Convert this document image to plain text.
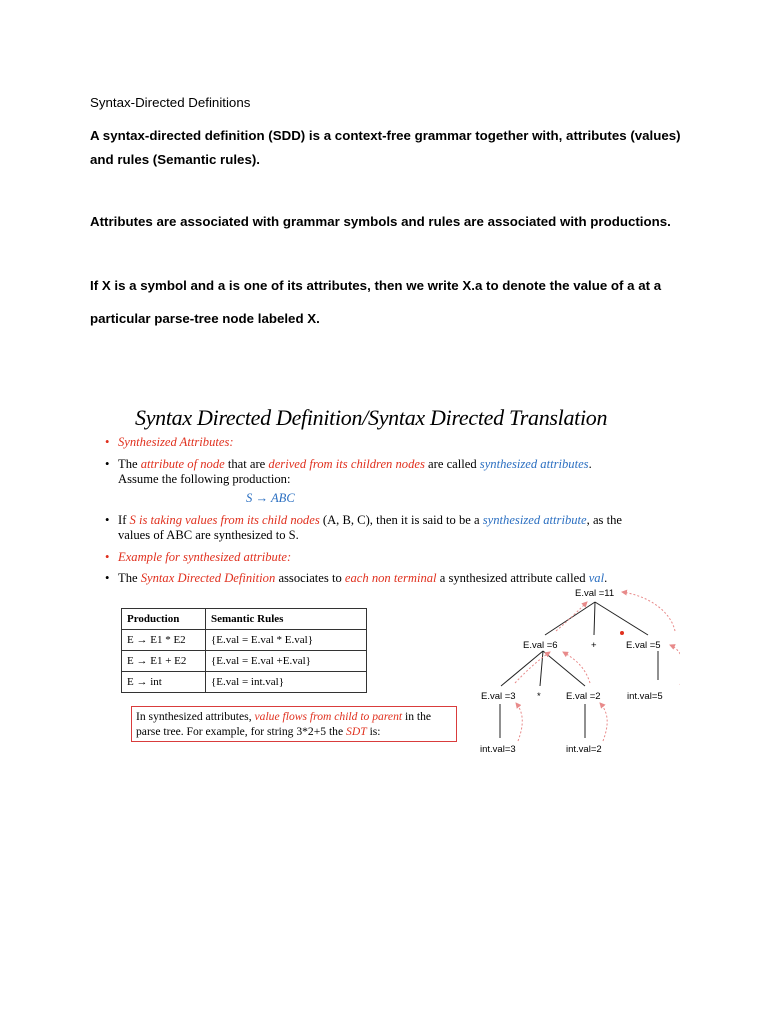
Syntax-Directed Definitions

A syntax-directed definition (SDD) is a context-free grammar together with, attributes (values)

and rules (Semantic rules).

Attributes are associated with grammar symbols and rules are associated with productions.

If X is a symbol and a is one of its attributes, then we write X.a to denote the value of a at a

particular parse-tree node labeled X.

Syntax Directed Definition/Syntax Directed Translation

• Synthesized Attributes:

• The attribute of node that are derived from its children nodes are called synthesized attributes.
Assume the following production:

S → ABC

• If S is taking values from its child nodes (A, B, C), then it is said to be a synthesized attribute, as the
values of ABC are synthesized to S.

• Example for synthesized attribute:

• The Syntax Directed Definition associates to each non terminal a synthesized attribute called val.

Production	Semantic Rules
E → E1 * E2	{E.val = E.val * E.val}
E → E1 + E2	{E.val = E.val +E.val}
E → int	{E.val = int.val}
In synthesized attributes, value flows from child to parent in the parse tree. For example, for string 3*2+5 the SDT is:
E.val =11
E.val =6	+	E.val =5
E.val =3 *	E.val =2	int.val=5
int.val=3	int.val=2
